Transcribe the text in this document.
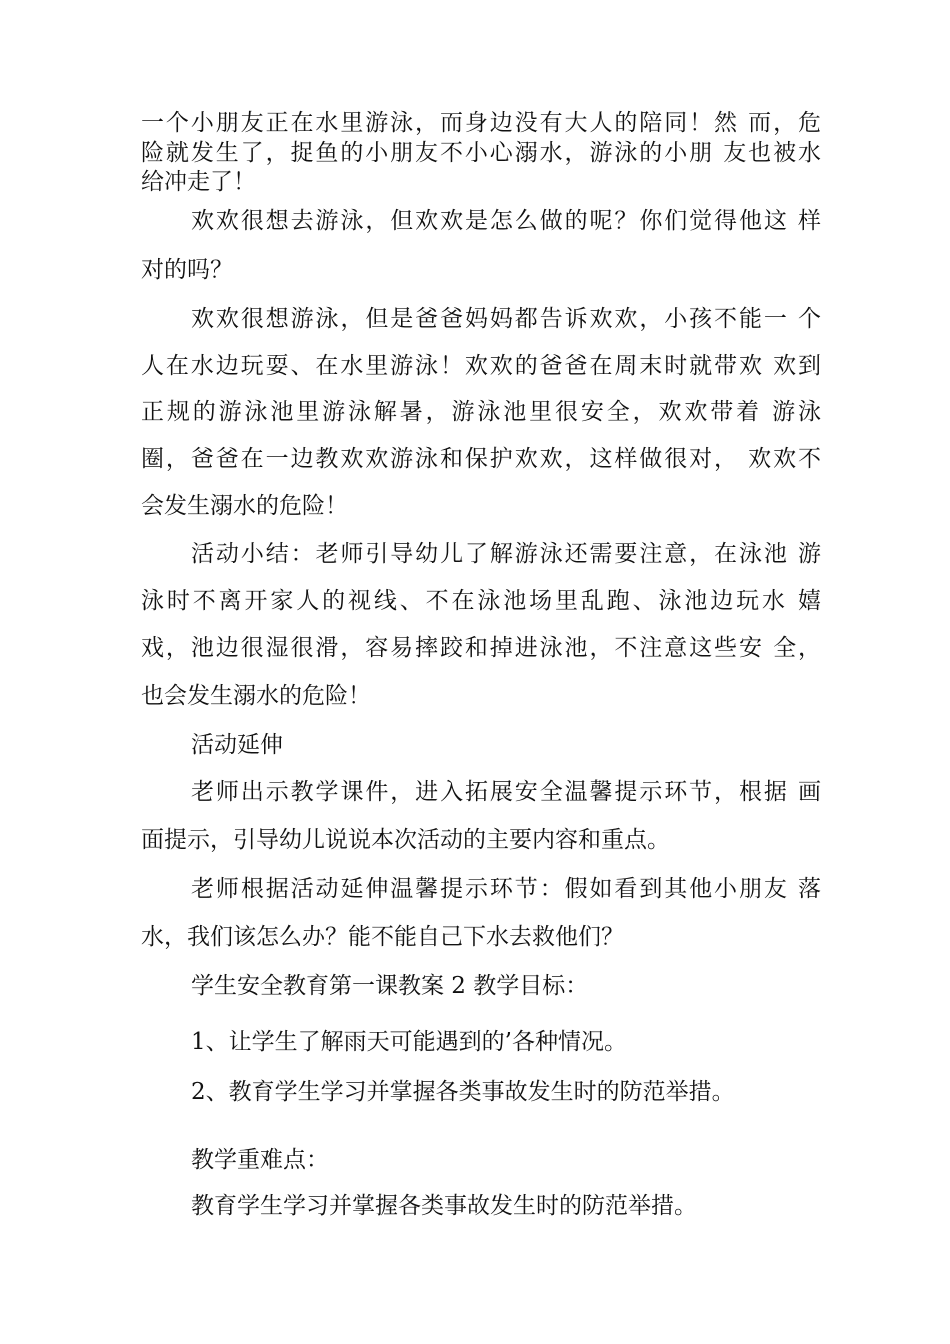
一个小朋友正在水里游泳，而身边没有大人的陪同！然 而，危
险就发生了，捉鱼的小朋友不小心溺水，游泳的小朋 友也被水
给冲走了！
欢欢很想去游泳，但欢欢是怎么做的呢？你们觉得他这 样
对的吗？
欢欢很想游泳，但是爸爸妈妈都告诉欢欢，小孩不能一 个
人在水边玩耍、在水里游泳！欢欢的爸爸在周末时就带欢 欢到
正规的游泳池里游泳解暑，游泳池里很安全，欢欢带着 游泳
圈，爸爸在一边教欢欢游泳和保护欢欢，这样做很对， 欢欢不
会发生溺水的危险！
活动小结：老师引导幼儿了解游泳还需要注意，在泳池 游
泳时不离开家人的视线、不在泳池场里乱跑、泳池边玩水 嬉
戏，池边很湿很滑，容易摔跤和掉进泳池，不注意这些安 全，
也会发生溺水的危险！
活动延伸
老师出示教学课件，进入拓展安全温馨提示环节，根据 画
面提示，引导幼儿说说本次活动的主要内容和重点。
老师根据活动延伸温馨提示环节：假如看到其他小朋友 落
水，我们该怎么办？能不能自己下水去救他们？
学生安全教育第一课教案 2 教学目标：
1、让学生了解雨天可能遇到的’各种情况。
2、教育学生学习并掌握各类事故发生时的防范举措。
教学重难点：
教育学生学习并掌握各类事故发生时的防范举措。
